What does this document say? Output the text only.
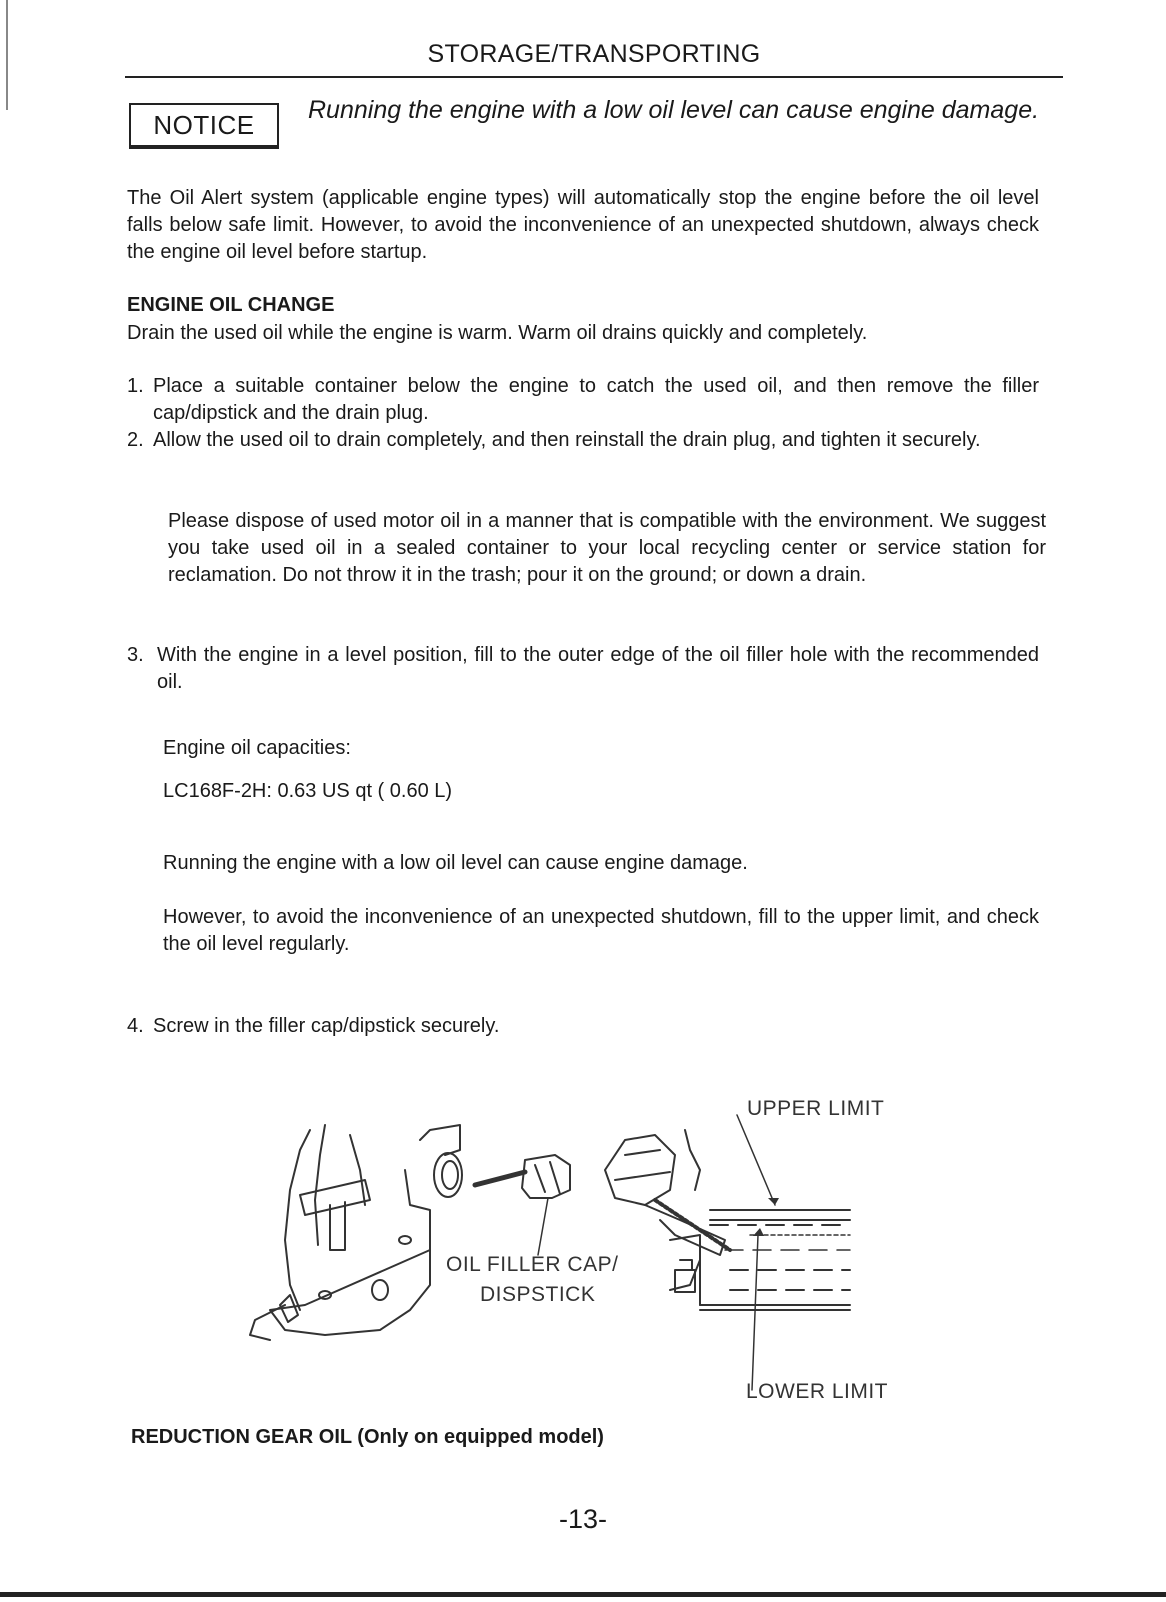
STORAGE/TRANSPORTING
NOTICE Running the engine with a low oil level can cause engine damage.
The Oil Alert system (applicable engine types) will automatically stop the engine before the oil level falls below safe limit. However, to avoid the inconvenience of an unexpected shutdown, always check the engine oil level before startup.
ENGINE OIL CHANGE
Drain the used oil while the engine is warm. Warm oil drains quickly and completely.
1. Place a suitable container below the engine to catch the used oil, and then remove the filler cap/dipstick and the drain plug.
2. Allow the used oil to drain completely, and then reinstall the drain plug, and tighten it securely.
Please dispose of used motor oil in a manner that is compatible with the environment. We suggest you take used oil in a sealed container to your local recycling center or service station for reclamation. Do not throw it in the trash; pour it on the ground; or down a drain.
3. With the engine in a level position, fill to the outer edge of the oil filler hole with the recommended oil.
Engine oil capacities:
LC168F-2H: 0.63 US qt ( 0.60 L)
Running the engine with a low oil level can cause engine damage.
However, to avoid the inconvenience of an unexpected shutdown, fill to the upper limit, and check the oil level regularly.
4. Screw in the filler cap/dipstick securely.
UPPER LIMIT
OIL FILLER CAP/
DISPSTICK
LOWER LIMIT
REDUCTION GEAR OIL (Only on equipped model)
-13-
